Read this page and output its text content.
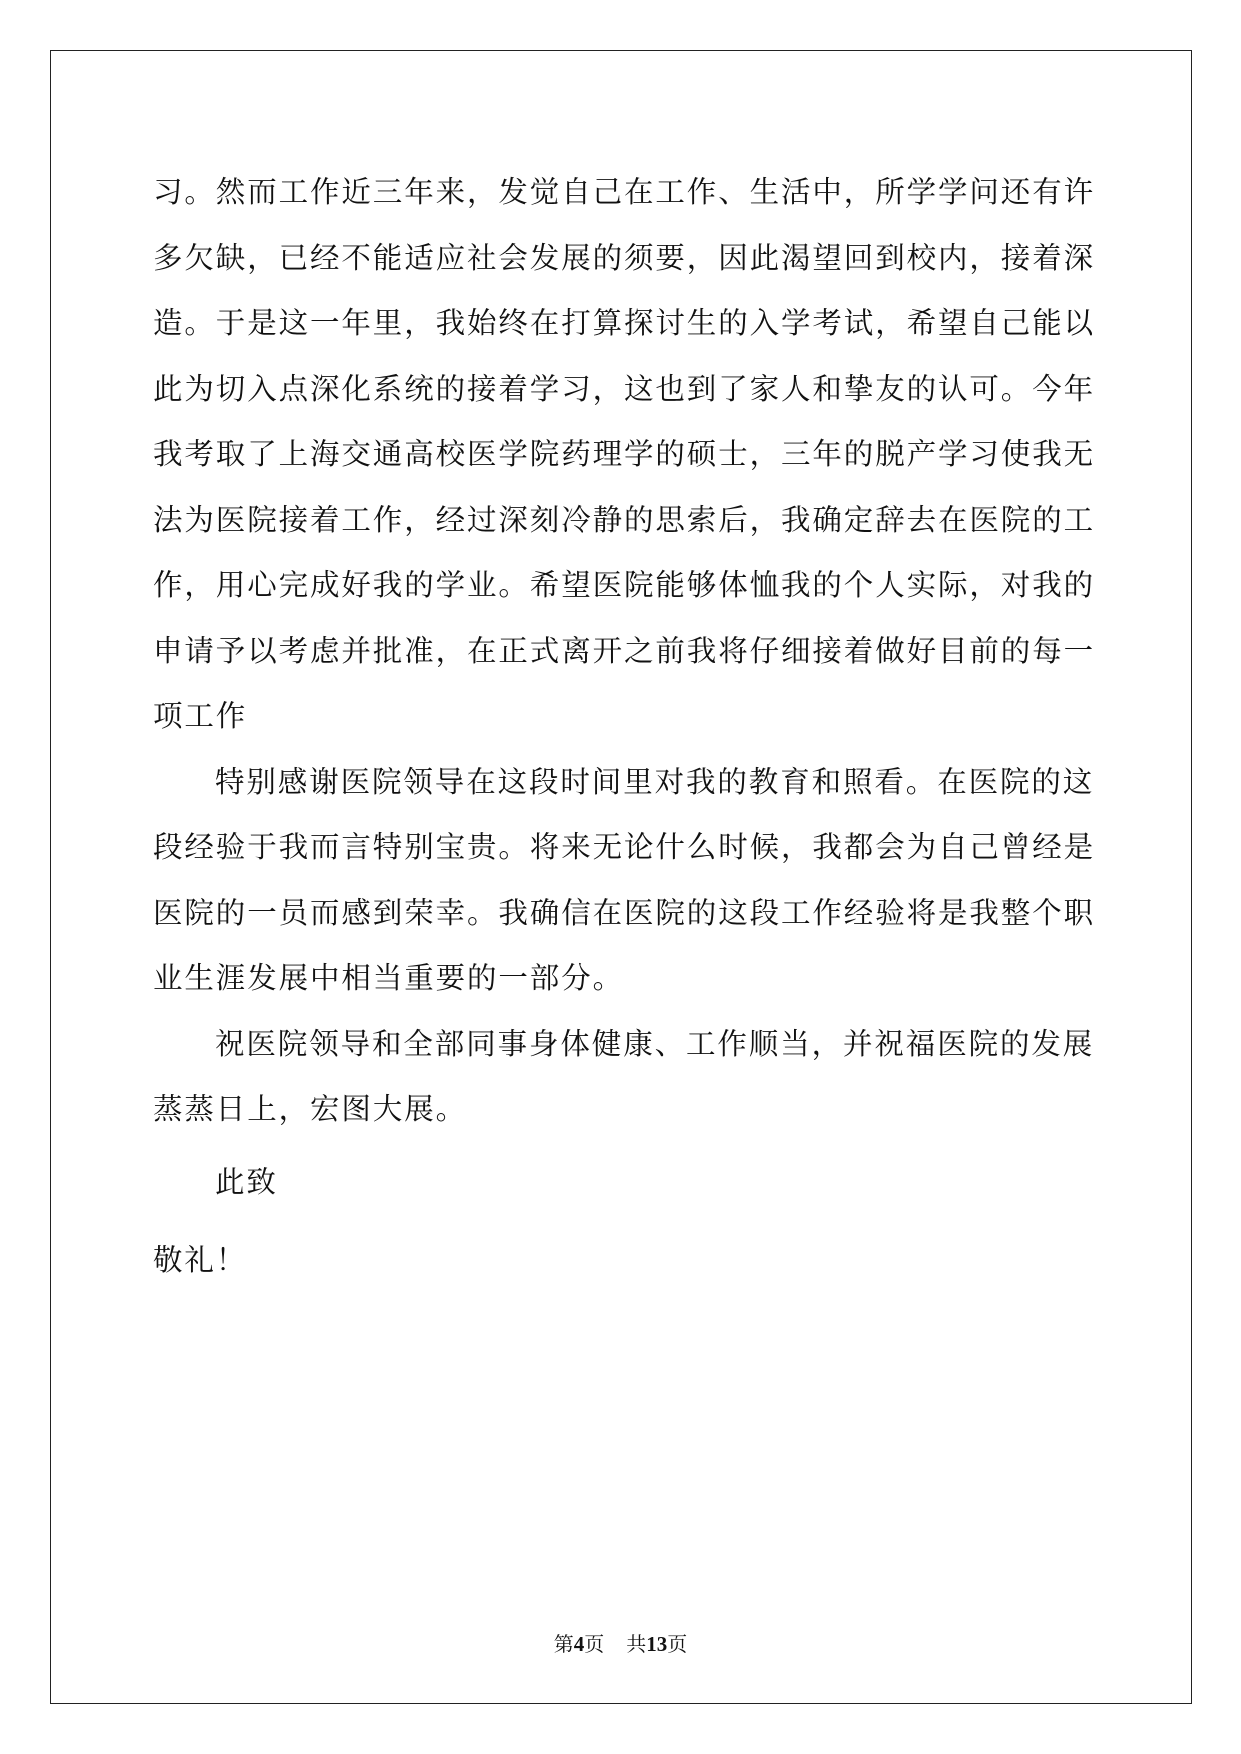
习。然而工作近三年来，发觉自己在工作、生活中，所学学问还有许
多欠缺，已经不能适应社会发展的须要，因此渴望回到校内，接着深
造。于是这一年里，我始终在打算探讨生的入学考试，希望自己能以
此为切入点深化系统的接着学习，这也到了家人和挚友的认可。今年
我考取了上海交通高校医学院药理学的硕士，三年的脱产学习使我无
法为医院接着工作，经过深刻冷静的思索后，我确定辞去在医院的工
作，用心完成好我的学业。希望医院能够体恤我的个人实际，对我的
申请予以考虑并批准，在正式离开之前我将仔细接着做好目前的每一
项工作
特别感谢医院领导在这段时间里对我的教育和照看。在医院的这
段经验于我而言特别宝贵。将来无论什么时候，我都会为自己曾经是
医院的一员而感到荣幸。我确信在医院的这段工作经验将是我整个职
业生涯发展中相当重要的一部分。
祝医院领导和全部同事身体健康、工作顺当，并祝福医院的发展
蒸蒸日上，宏图大展。
此致
敬礼！
第4页 共13页
